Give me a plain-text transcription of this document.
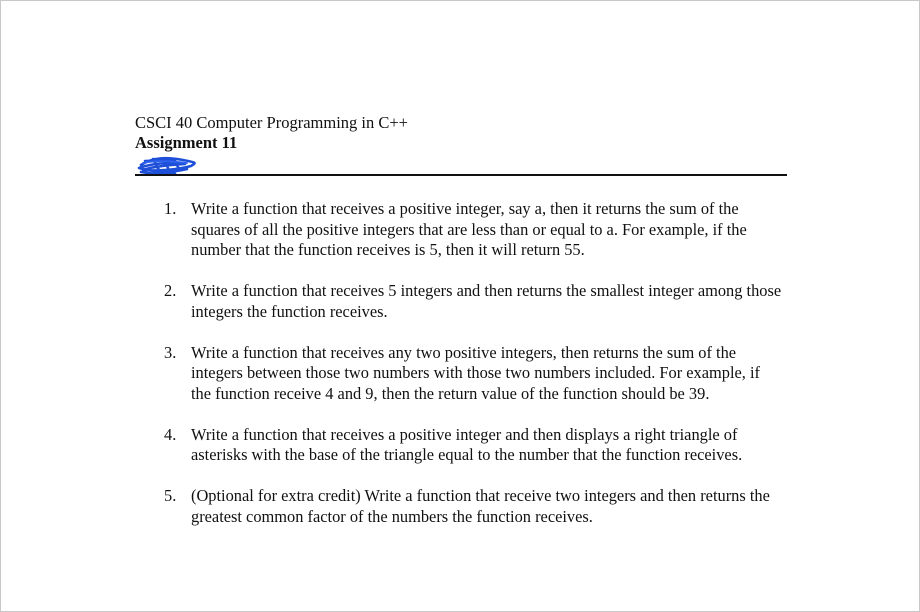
CSCI 40 Computer Programming in C++
Assignment 11
1. Write a function that receives a positive integer, say a, then it returns the sum of the squares of all the positive integers that are less than or equal to a. For example, if the number that the function receives is 5, then it will return 55.
2. Write a function that receives 5 integers and then returns the smallest integer among those integers the function receives.
3. Write a function that receives any two positive integers, then returns the sum of the integers between those two numbers with those two numbers included. For example, if the function receive 4 and 9, then the return value of the function should be 39.
4. Write a function that receives a positive integer and then displays a right triangle of asterisks with the base of the triangle equal to the number that the function receives.
5. (Optional for extra credit) Write a function that receive two integers and then returns the greatest common factor of the numbers the function receives.
